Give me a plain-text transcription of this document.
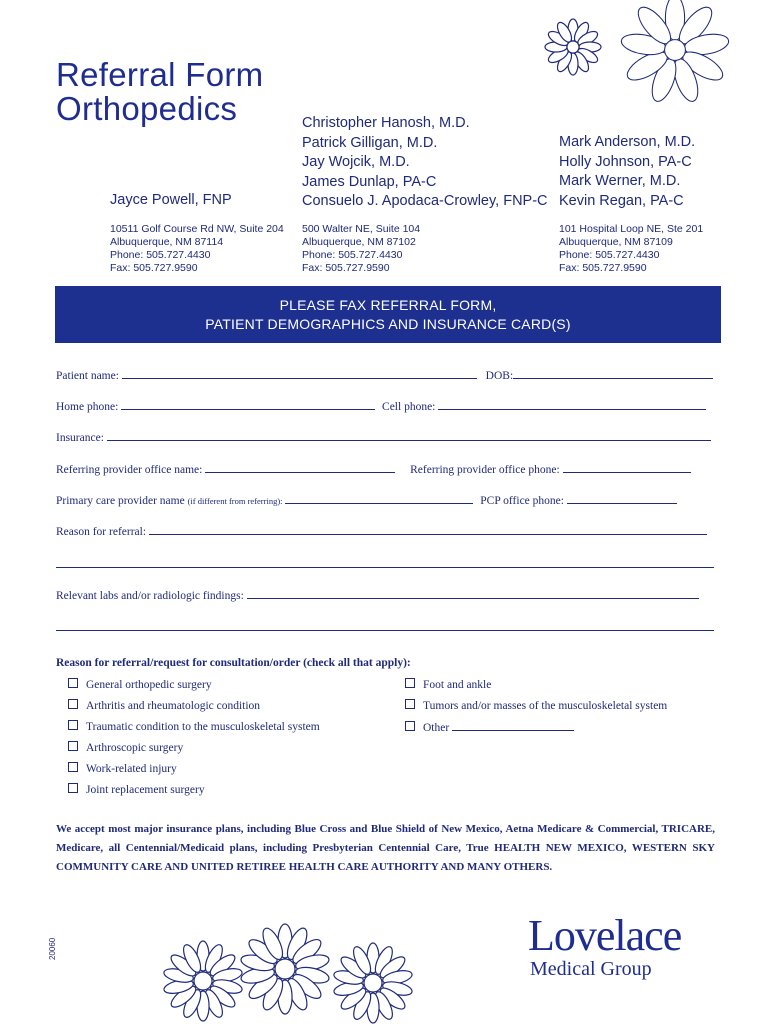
Referral Form
Orthopedics
Jayce Powell, FNP
10511 Golf Course Rd NW, Suite 204
Albuquerque, NM 87114
Phone: 505.727.4430
Fax: 505.727.9590
Christopher Hanosh, M.D.
Patrick Gilligan, M.D.
Jay Wojcik, M.D.
James Dunlap, PA-C
Consuelo J. Apodaca-Crowley, FNP-C
500 Walter NE, Suite 104
Albuquerque, NM 87102
Phone: 505.727.4430
Fax: 505.727.9590
Mark Anderson, M.D.
Holly Johnson, PA-C
Mark Werner, M.D.
Kevin Regan, PA-C
101 Hospital Loop NE, Ste 201
Albuquerque, NM 87109
Phone: 505.727.4430
Fax: 505.727.9590
PLEASE FAX REFERRAL FORM,
PATIENT DEMOGRAPHICS AND INSURANCE CARD(S)
Patient name:	DOB:
Home phone:	Cell phone:
Insurance:
Referring provider office name:	Referring provider office phone:
Primary care provider name (if different from referring):	PCP office phone:
Reason for referral:
Relevant labs and/or radiologic findings:
Reason for referral/request for consultation/order (check all that apply):
General orthopedic surgery
Arthritis and rheumatologic condition
Traumatic condition to the musculoskeletal system
Arthroscopic surgery
Work-related injury
Joint replacement surgery
Foot and ankle
Tumors and/or masses of the musculoskeletal system
Other
We accept most major insurance plans, including Blue Cross and Blue Shield of New Mexico, Aetna Medicare & Commercial, TRICARE, Medicare, all Centennial/Medicaid plans, including Presbyterian Centennial Care, True HEALTH NEW MEXICO, WESTERN SKY COMMUNITY CARE AND UNITED RETIREE HEALTH CARE AUTHORITY AND MANY OTHERS.
20060	Lovelace
Medical Group
